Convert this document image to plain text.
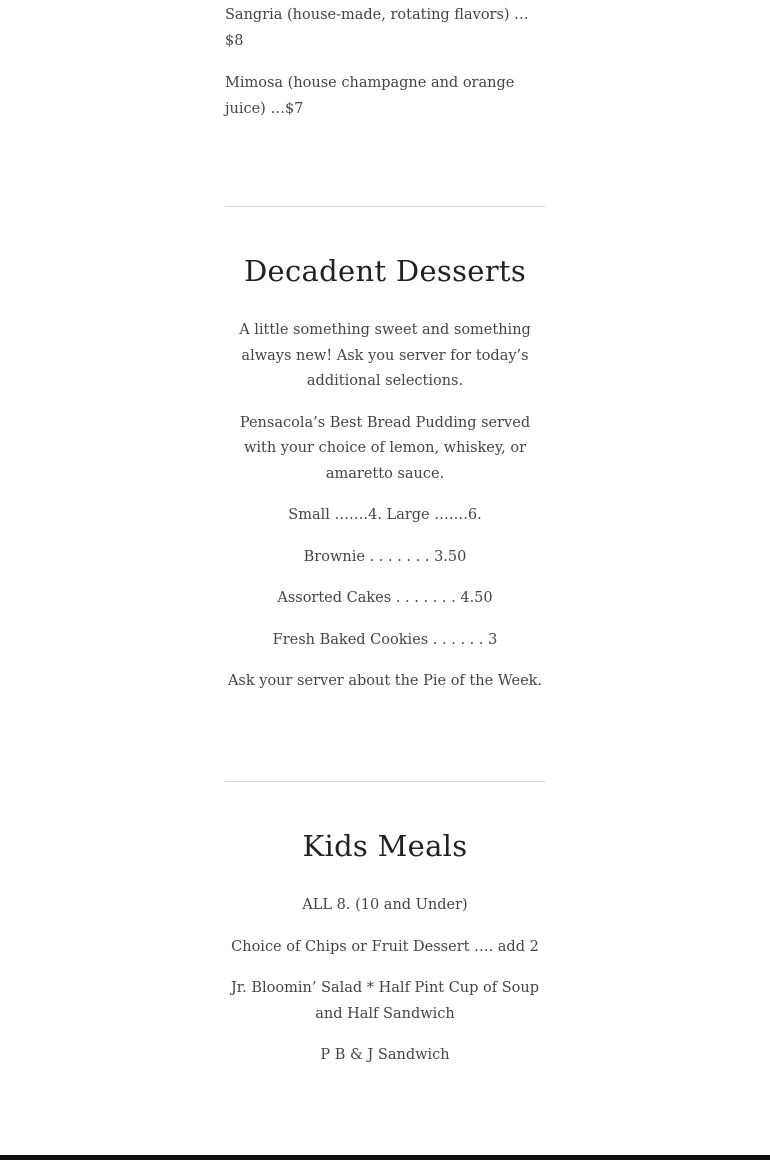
Sangria (house-made, rotating flavors) …$8

Mimosa (house champagne and orange juice) …$7

Decadent Desserts

A little something sweet and something always new! Ask you server for today’s additional selections.

Pensacola’s Best Bread Pudding served with your choice of lemon, whiskey, or amaretto sauce.

Small …….4. Large …….6.

Brownie . . . . . . . 3.50

Assorted Cakes . . . . . . . 4.50

Fresh Baked Cookies . . . . . . 3

Ask your server about the Pie of the Week.

Kids Meals

ALL 8. (10 and Under)

Choice of Chips or Fruit Dessert …. add 2

Jr. Bloomin’ Salad * Half Pint Cup of Soup and Half Sandwich

P B & J Sandwich
